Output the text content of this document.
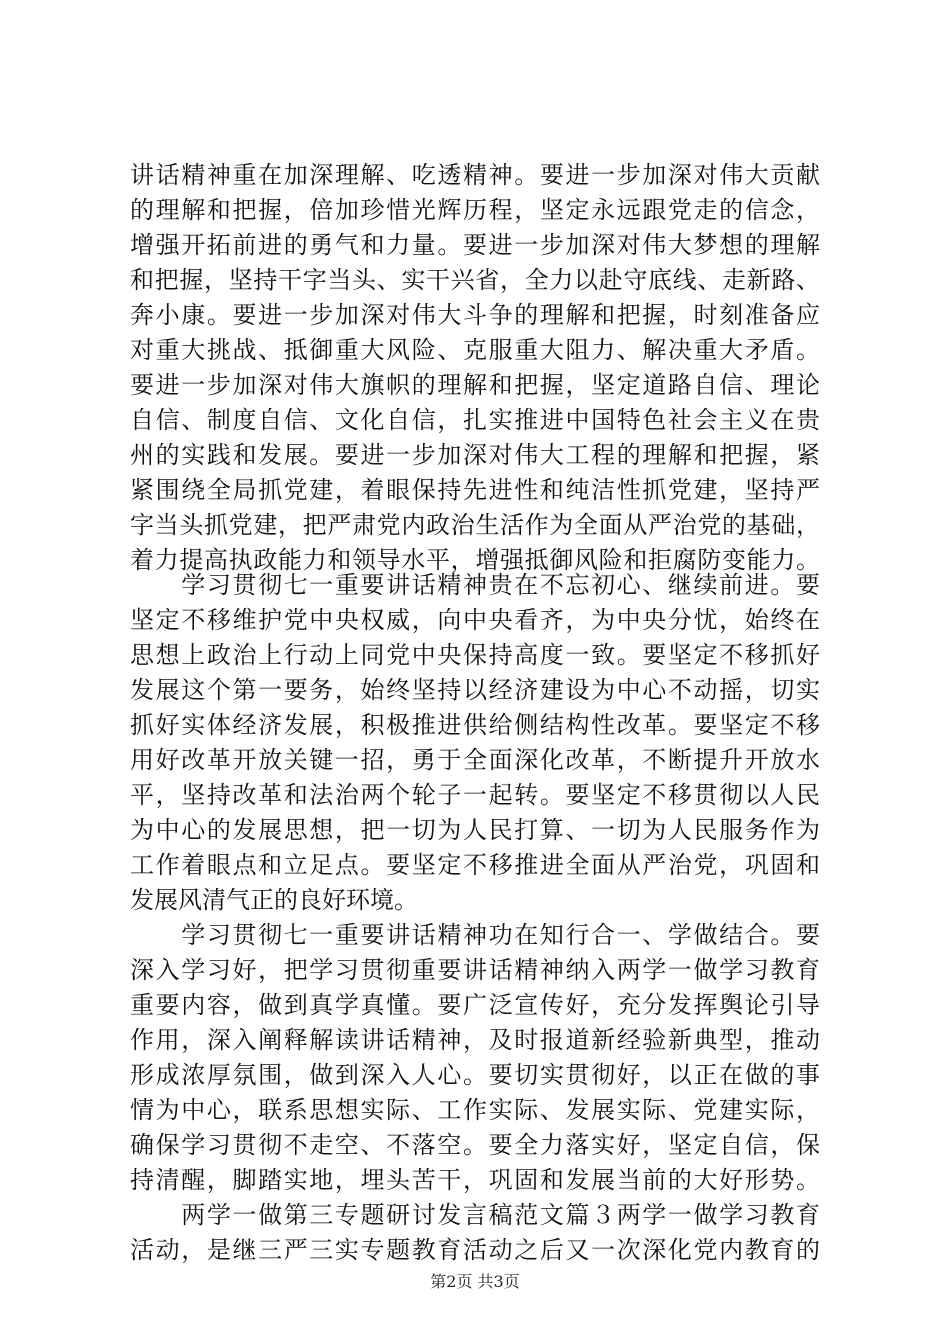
讲话精神重在加深理解、吃透精神。要进一步加深对伟大贡献
的理解和把握，倍加珍惜光辉历程，坚定永远跟党走的信念，
增强开拓前进的勇气和力量。要进一步加深对伟大梦想的理解
和把握，坚持干字当头、实干兴省，全力以赴守底线、走新路、
奔小康。要进一步加深对伟大斗争的理解和把握，时刻准备应
对重大挑战、抵御重大风险、克服重大阻力、解决重大矛盾。
要进一步加深对伟大旗帜的理解和把握，坚定道路自信、理论
自信、制度自信、文化自信，扎实推进中国特色社会主义在贵
州的实践和发展。要进一步加深对伟大工程的理解和把握，紧
紧围绕全局抓党建，着眼保持先进性和纯洁性抓党建，坚持严
字当头抓党建，把严肃党内政治生活作为全面从严治党的基础，
着力提高执政能力和领导水平，增强抵御风险和拒腐防变能力。
　　学习贯彻七一重要讲话精神贵在不忘初心、继续前进。要
坚定不移维护党中央权威，向中央看齐，为中央分忧，始终在
思想上政治上行动上同党中央保持高度一致。要坚定不移抓好
发展这个第一要务，始终坚持以经济建设为中心不动摇，切实
抓好实体经济发展，积极推进供给侧结构性改革。要坚定不移
用好改革开放关键一招，勇于全面深化改革，不断提升开放水
平，坚持改革和法治两个轮子一起转。要坚定不移贯彻以人民
为中心的发展思想，把一切为人民打算、一切为人民服务作为
工作着眼点和立足点。要坚定不移推进全面从严治党，巩固和
发展风清气正的良好环境。
　　学习贯彻七一重要讲话精神功在知行合一、学做结合。要
深入学习好，把学习贯彻重要讲话精神纳入两学一做学习教育
重要内容，做到真学真懂。要广泛宣传好，充分发挥舆论引导
作用，深入阐释解读讲话精神，及时报道新经验新典型，推动
形成浓厚氛围，做到深入人心。要切实贯彻好，以正在做的事
情为中心，联系思想实际、工作实际、发展实际、党建实际，
确保学习贯彻不走空、不落空。要全力落实好，坚定自信，保
持清醒，脚踏实地，埋头苦干，巩固和发展当前的大好形势。
　　两学一做第三专题研讨发言稿范文篇３两学一做学习教育
活动，是继三严三实专题教育活动之后又一次深化党内教育的
第2页 共3页
